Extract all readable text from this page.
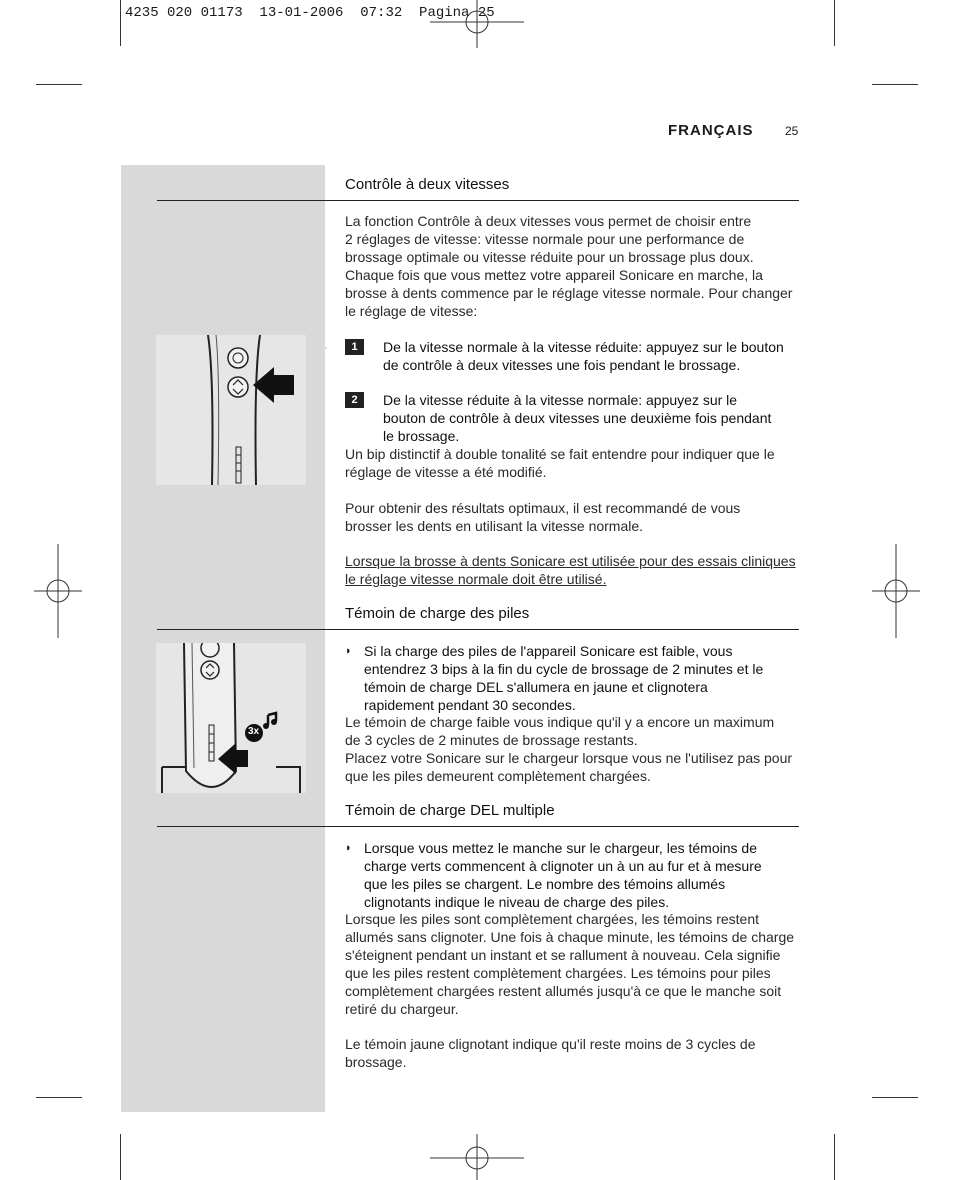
4235 020 01173  13-01-2006  07:32  Pagina 25
FRANÇAIS	25
Contrôle à deux vitesses
La fonction Contrôle à deux vitesses vous permet de choisir entre
2 réglages de vitesse: vitesse normale pour une performance de
brossage optimale ou vitesse réduite pour un brossage plus doux.
Chaque fois que vous mettez votre appareil Sonicare en marche, la
brosse à dents commence par le réglage vitesse normale. Pour changer
le réglage de vitesse:
1	De la vitesse normale à la vitesse réduite: appuyez sur le bouton
de contrôle à deux vitesses une fois pendant le brossage.
2	De la vitesse réduite à la vitesse normale: appuyez sur le
bouton de contrôle à deux vitesses une deuxième fois pendant
le brossage.
Un bip distinctif à double tonalité se fait entendre pour indiquer que le
réglage de vitesse a été modifié.
Pour obtenir des résultats optimaux, il est recommandé de vous
brosser les dents en utilisant la vitesse normale.
Lorsque la brosse à dents Sonicare est utilisée pour des essais cliniques
le réglage vitesse normale doit être utilisé.
Témoin de charge des piles
3x
◗ Si la charge des piles de l'appareil Sonicare est faible, vous
entendrez 3 bips à la fin du cycle de brossage de 2 minutes et le
témoin de charge DEL s'allumera en jaune et clignotera
rapidement pendant 30 secondes.
Le témoin de charge faible vous indique qu'il y a encore un maximum
de 3 cycles de 2 minutes de brossage restants.
Placez votre Sonicare sur le chargeur lorsque vous ne l'utilisez pas pour
que les piles demeurent complètement chargées.
Témoin de charge DEL multiple
◗ Lorsque vous mettez le manche sur le chargeur, les témoins de
charge verts commencent à clignoter un à un au fur et à mesure
que les piles se chargent. Le nombre des témoins allumés
clignotants indique le niveau de charge des piles.
Lorsque les piles sont complètement chargées, les témoins restent
allumés sans clignoter. Une fois à chaque minute, les témoins de charge
s'éteignent pendant un instant et se rallument à nouveau. Cela signifie
que les piles restent complètement chargées. Les témoins pour piles
complètement chargées restent allumés jusqu'à ce que le manche soit
retiré du chargeur.
Le témoin jaune clignotant indique qu'il reste moins de 3 cycles de
brossage.
